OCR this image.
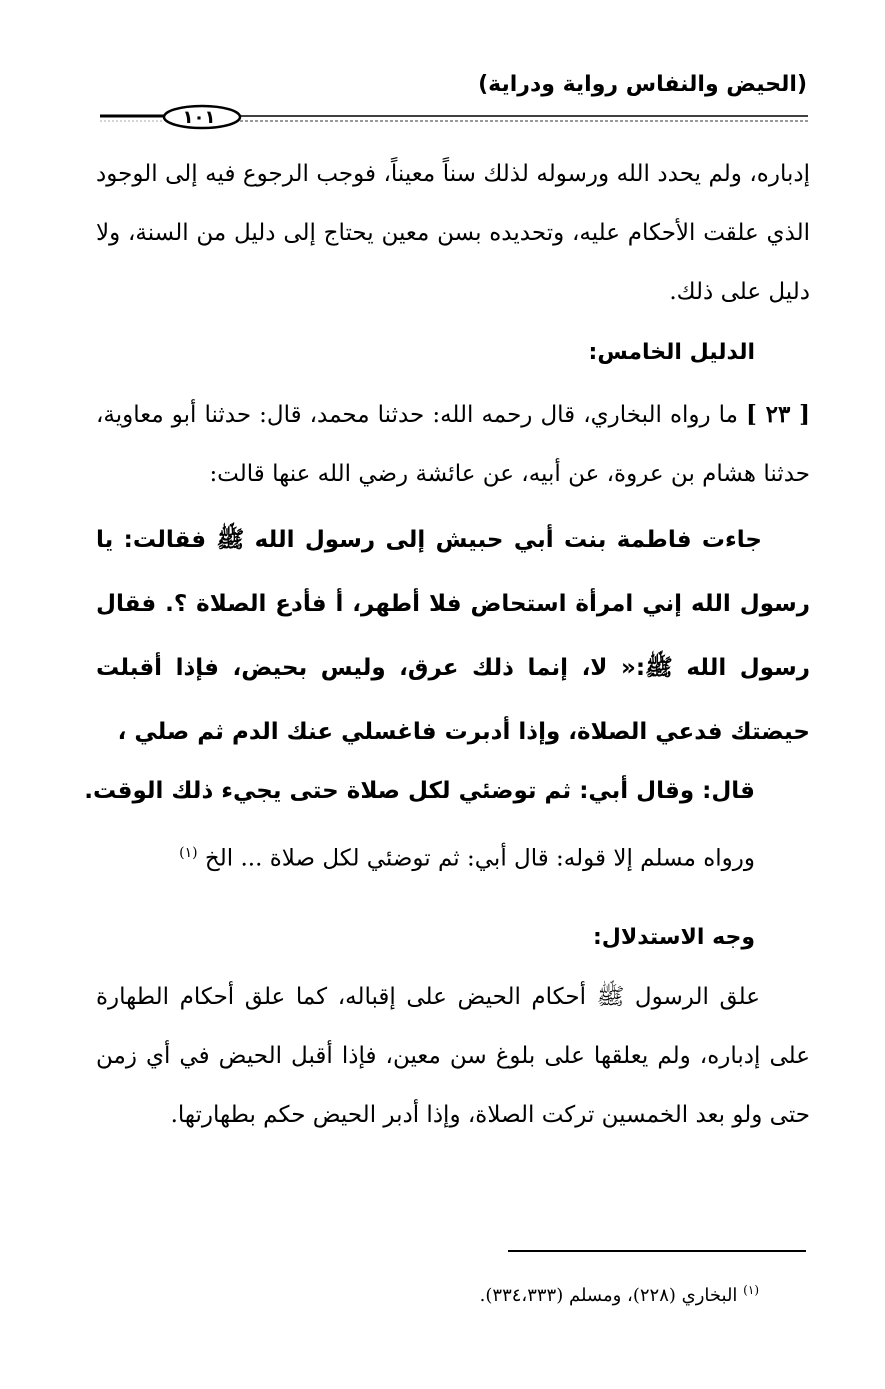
(الحيض والنفاس رواية ودراية)
١٠١
إدباره، ولم يحدد الله ورسوله لذلك سناً معيناً، فوجب الرجوع فيه إلى الوجود الذي علقت الأحكام عليه، وتحديده بسن معين يحتاج إلى دليل من السنة، ولا دليل على ذلك.
الدليل الخامس:
[ ٢٣ ] ما رواه البخاري، قال رحمه الله: حدثنا محمد، قال: حدثنا أبو معاوية، حدثنا هشام بن عروة، عن أبيه، عن عائشة رضي الله عنها قالت:
جاءت فاطمة بنت أبي حبيش إلى رسول الله ﷺ فقالت: يا رسول الله إني امرأة استحاض فلا أطهر، أ فأدع الصلاة ؟. فقال رسول الله ﷺ:« لا، إنما ذلك عرق، وليس بحيض، فإذا أقبلت حيضتك فدعي الصلاة، وإذا أدبرت فاغسلي عنك الدم ثم صلي ،
قال: وقال أبي: ثم توضئي لكل صلاة حتى يجيء ذلك الوقت.
ورواه مسلم إلا قوله: قال أبي: ثم توضئي لكل صلاة ... الخ $^{(١)}$
وجه الاستدلال:
علق الرسول ﷺ أحكام الحيض على إقباله، كما علق أحكام الطهارة على إدباره، ولم يعلقها على بلوغ سن معين، فإذا أقبل الحيض في أي زمن حتى ولو بعد الخمسين تركت الصلاة، وإذا أدبر الحيض حكم بطهارتها.
$^{(١)}$ البخاري (٢٢٨)، ومسلم (٣٣٤،٣٣٣).
